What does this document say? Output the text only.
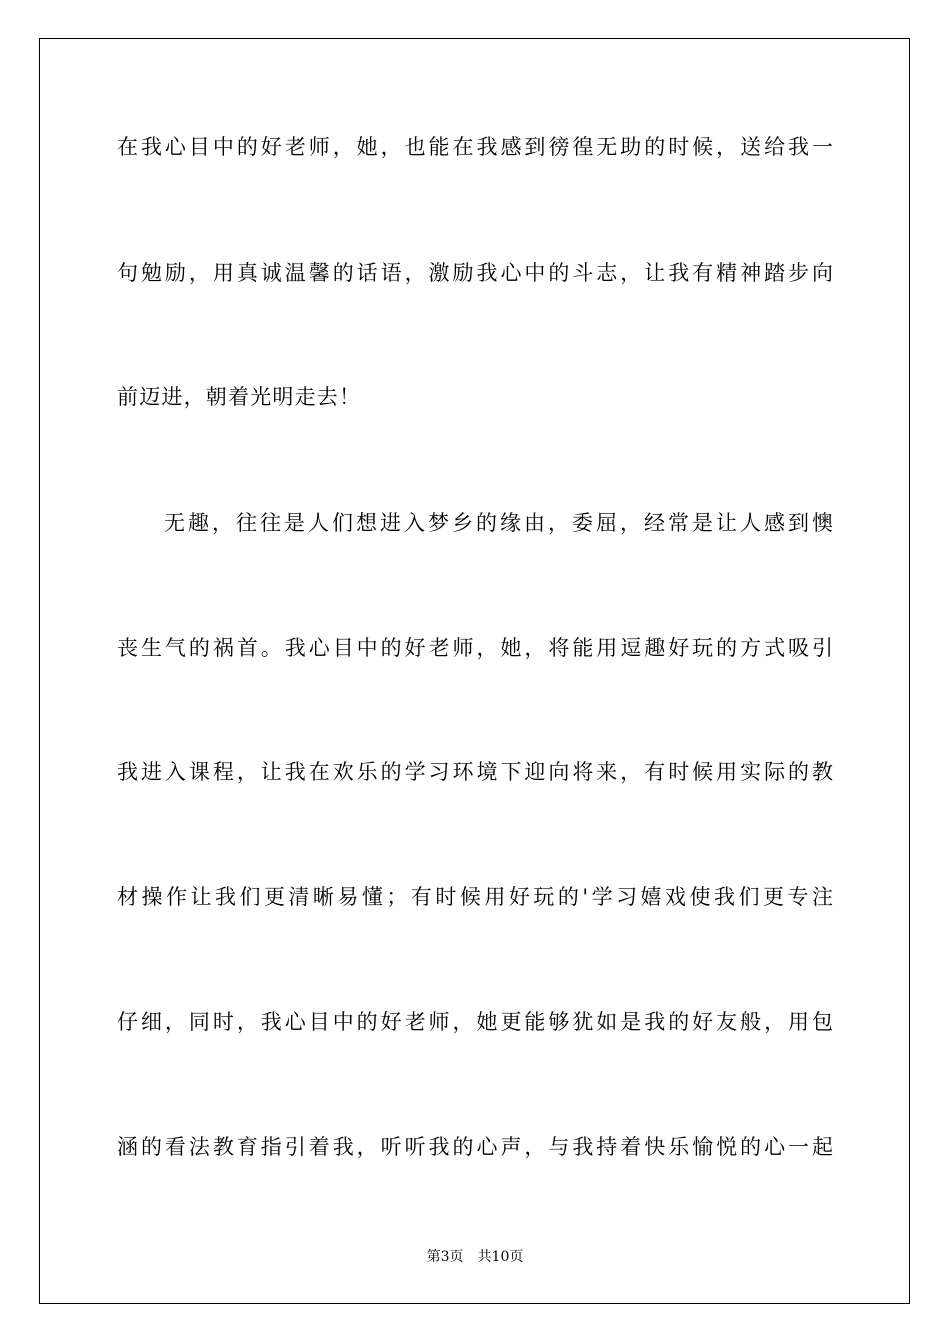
在我心目中的好老师，她，也能在我感到徬徨无助的时候，送给我一

句勉励，用真诚温馨的话语，激励我心中的斗志，让我有精神踏步向

前迈进，朝着光明走去！

无趣，往往是人们想进入梦乡的缘由，委屈，经常是让人感到懊

丧生气的祸首。我心目中的好老师，她，将能用逗趣好玩的方式吸引

我进入课程，让我在欢乐的学习环境下迎向将来，有时候用实际的教

材操作让我们更清晰易懂；有时候用好玩的'学习嬉戏使我们更专注

仔细，同时，我心目中的好老师，她更能够犹如是我的好友般，用包

涵的看法教育指引着我，听听我的心声，与我持着快乐愉悦的心一起

第3页 共10页
